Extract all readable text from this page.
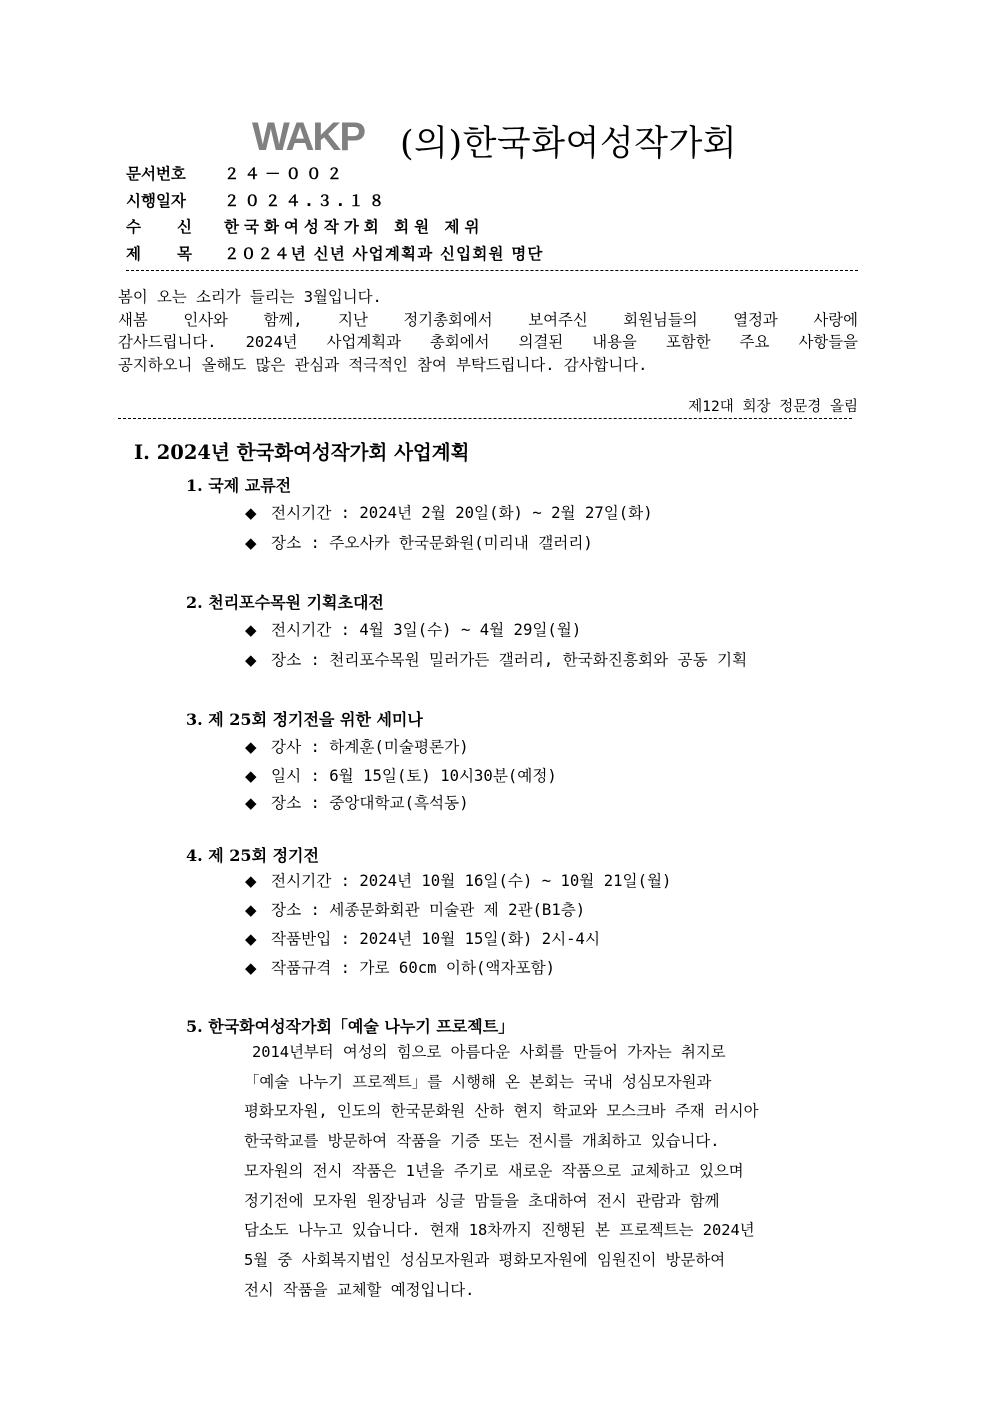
WAKP (의)한국화여성작가회
문서번호	２４－００２
시행일자	２０２４.３.１８
수 신 한국화여성작가회 회원 제위
제 목 ２０２４년 신년 사업계획과 신입회원 명단

봄이 오는 소리가 들리는 3월입니다.

새봄 인사와 함께, 지난 정기총회에서 보여주신 회원님들의 열정과 사랑에

감사드립니다. 2024년 사업계획과 총회에서 의결된 내용을 포함한 주요 사항들을

공지하오니 올해도 많은 관심과 적극적인 참여 부탁드립니다. 감사합니다.

제12대 회장 정문경 올림
Ⅰ. 2024년 한국화여성작가회 사업계획
1. 국제 교류전
◆ 전시기간 : 2024년 2월 20일(화) ~ 2월 27일(화)
◆ 장소 : 주오사카 한국문화원(미리내 갤러리)
2. 천리포수목원 기획초대전
◆ 전시기간 : 4월 3일(수) ~ 4월 29일(월)
◆ 장소 : 천리포수목원 밀러가든 갤러리, 한국화진흥회와 공동 기획
3. 제 25회 정기전을 위한 세미나
◆ 강사 : 하계훈(미술평론가)
◆ 일시 : 6월 15일(토) 10시30분(예정)
◆ 장소 : 중앙대학교(흑석동)
4. 제 25회 정기전
◆ 전시기간 : 2024년 10월 16일(수) ~ 10월 21일(월)
◆ 장소 : 세종문화회관 미술관 제 2관(B1층)
◆ 작품반입 : 2024년 10월 15일(화) 2시-4시
◆ 작품규격 : 가로 60cm 이하(액자포함)
5. 한국화여성작가회「예술 나누기 프로젝트」
2014년부터 여성의 힘으로 아름다운 사회를 만들어 가자는 취지로
「예술 나누기 프로젝트」를 시행해 온 본회는 국내 성심모자원과
평화모자원, 인도의 한국문화원 산하 현지 학교와 모스크바 주재 러시아
한국학교를 방문하여 작품을 기증 또는 전시를 개최하고 있습니다.
모자원의 전시 작품은 1년을 주기로 새로운 작품으로 교체하고 있으며
정기전에 모자원 원장님과 싱글 맘들을 초대하여 전시 관람과 함께
담소도 나누고 있습니다. 현재 18차까지 진행된 본 프로젝트는 2024년
5월 중 사회복지법인 성심모자원과 평화모자원에 임원진이 방문하여
전시 작품을 교체할 예정입니다.
